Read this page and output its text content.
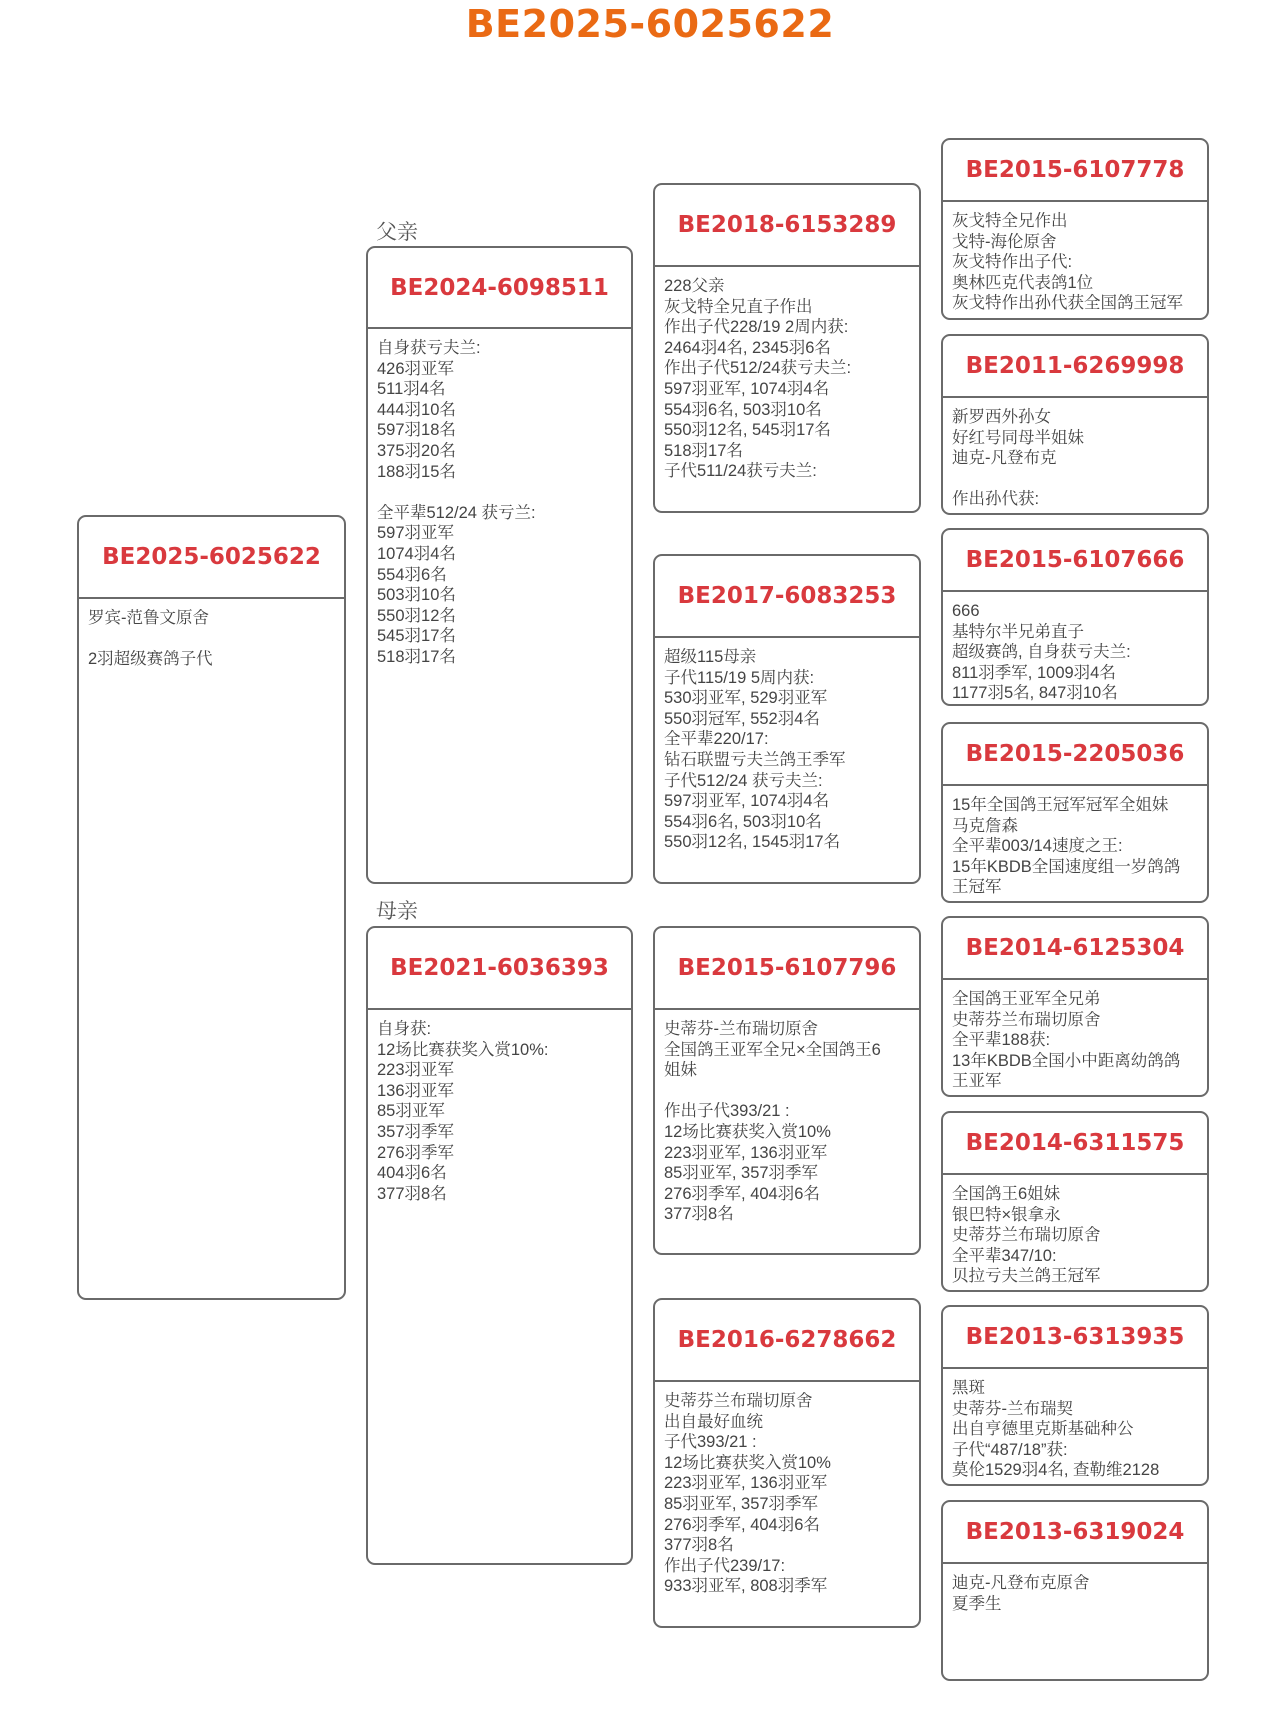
BE2025-6025622
父亲
母亲
BE2025-6025622
罗宾-范鲁文原舍
2羽超级赛鸽子代
BE2024-6098511
自身获亏夫兰:
426羽亚军
511羽4名
444羽10名
597羽18名
375羽20名
188羽15名
全平辈512/24 获亏兰:
597羽亚军
1074羽4名
554羽6名
503羽10名
550羽12名
545羽17名
518羽17名
BE2021-6036393
自身获:
12场比赛获奖入赏10%:
223羽亚军
136羽亚军
85羽亚军
357羽季军
276羽季军
404羽6名
377羽8名
BE2018-6153289
228父亲
灰戈特全兄直子作出
作出子代228/19 2周内获:
2464羽4名, 2345羽6名
作出子代512/24获亏夫兰:
597羽亚军, 1074羽4名
554羽6名, 503羽10名
550羽12名, 545羽17名
518羽17名
子代511/24获亏夫兰:
BE2017-6083253
超级115母亲
子代115/19 5周内获:
530羽亚军, 529羽亚军
550羽冠军, 552羽4名
全平辈220/17:
钻石联盟亏夫兰鸽王季军
子代512/24 获亏夫兰:
597羽亚军, 1074羽4名
554羽6名, 503羽10名
550羽12名, 1545羽17名
BE2015-6107796
史蒂芬-兰布瑞切原舍
全国鸽王亚军全兄×全国鸽王6
姐妹
作出子代393/21 :
12场比赛获奖入赏10%
223羽亚军, 136羽亚军
85羽亚军, 357羽季军
276羽季军, 404羽6名
377羽8名
BE2016-6278662
史蒂芬兰布瑞切原舍
出自最好血统
子代393/21 :
12场比赛获奖入赏10%
223羽亚军, 136羽亚军
85羽亚军, 357羽季军
276羽季军, 404羽6名
377羽8名
作出子代239/17:
933羽亚军, 808羽季军
BE2015-6107778
灰戈特全兄作出
戈特-海伦原舍
灰戈特作出子代:
奥林匹克代表鸽1位
灰戈特作出孙代获全国鸽王冠军
BE2011-6269998
新罗西外孙女
好红号同母半姐妹
迪克-凡登布克
作出孙代获:
BE2015-6107666
666
基特尔半兄弟直子
超级赛鸽, 自身获亏夫兰:
811羽季军, 1009羽4名
1177羽5名, 847羽10名
BE2015-2205036
15年全国鸽王冠军冠军全姐妹
马克詹森
全平辈003/14速度之王:
15年KBDB全国速度组一岁鸽鸽
王冠军
BE2014-6125304
全国鸽王亚军全兄弟
史蒂芬兰布瑞切原舍
全平辈188获:
13年KBDB全国小中距离幼鸽鸽
王亚军
BE2014-6311575
全国鸽王6姐妹
银巴特×银拿永
史蒂芬兰布瑞切原舍
全平辈347/10:
贝拉亏夫兰鸽王冠军
BE2013-6313935
黑斑
史蒂芬-兰布瑞契
出自亨德里克斯基础种公
子代“487/18”获:
莫伦1529羽4名, 查勒维2128
BE2013-6319024
迪克-凡登布克原舍
夏季生
